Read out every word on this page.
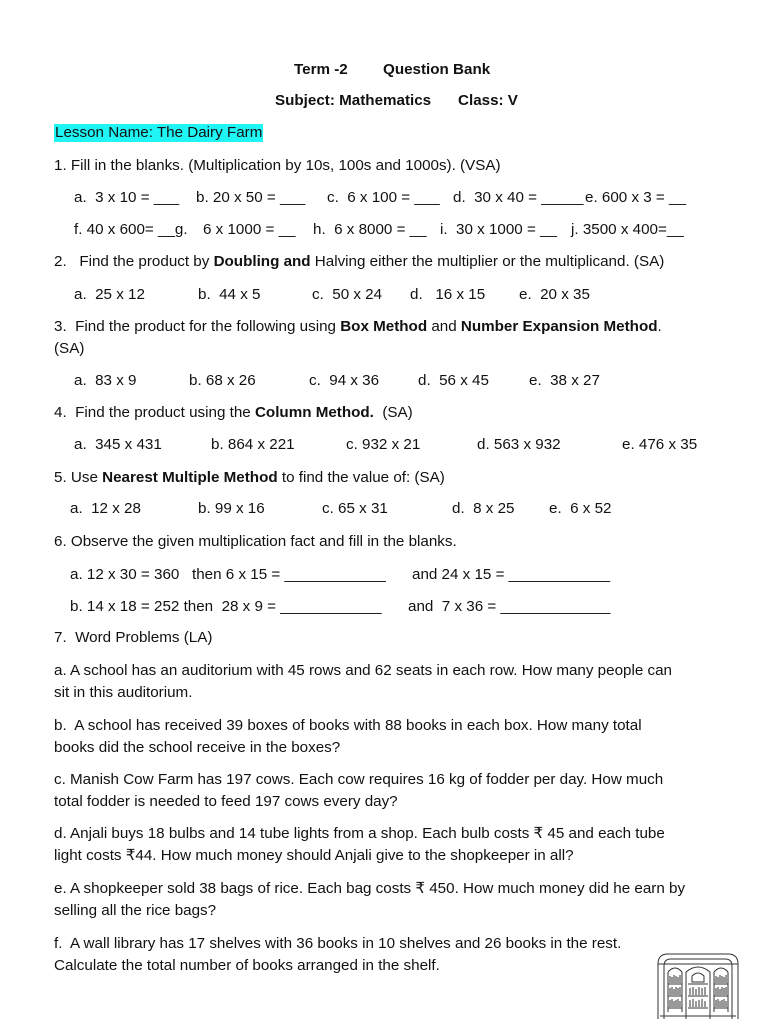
Term -2 Question Bank
Subject: Mathematics Class: V
Lesson Name: The Dairy Farm
1. Fill in the blanks. (Multiplication by 10s, 100s and 1000s). (VSA)
a.  3 x 10 = ___ b. 20 x 50 = ___ c.  6 x 100 = ___ d.  30 x 40 = _____ e. 600 x 3 = __
f. 40 x 600= __g. 6 x 1000 = __ h.  6 x 8000 = __ i.  30 x 1000 = __ j. 3500 x 400=__
2.   Find the product by Doubling and Halving either the multiplier or the multiplicand. (SA)
a.  25 x 12	b.  44 x 5	c.  50 x 24 d.   16 x 15 e.  20 x 35
3.  Find the product for the following using Box Method and Number Expansion Method.
(SA)
a.  83 x 9	b. 68 x 26	c.  94 x 36	d.  56 x 45	e.  38 x 27
4.  Find the product using the Column Method.  (SA)
a.  345 x 431	b. 864 x 221	c. 932 x 21	d. 563 x 932	e. 476 x 35
5. Use Nearest Multiple Method to find the value of: (SA)
a.  12 x 28	b. 99 x 16	c. 65 x 31	d.  8 x 25 e.  6 x 52
6. Observe the given multiplication fact and fill in the blanks.
a. 12 x 30 = 360   then 6 x 15 = ____________ and 24 x 15 = ____________
b. 14 x 18 = 252 then  28 x 9 = ____________ and  7 x 36 = _____________
7.  Word Problems (LA)
a. A school has an auditorium with 45 rows and 62 seats in each row. How many people can
sit in this auditorium.
b.  A school has received 39 boxes of books with 88 books in each box. How many total
books did the school receive in the boxes?
c. Manish Cow Farm has 197 cows. Each cow requires 16 kg of fodder per day. How much
total fodder is needed to feed 197 cows every day?
d. Anjali buys 18 bulbs and 14 tube lights from a shop. Each bulb costs ₹ 45 and each tube
light costs ₹44. How much money should Anjali give to the shopkeeper in all?
e. A shopkeeper sold 38 bags of rice. Each bag costs ₹ 450. How much money did he earn by
selling all the rice bags?
f.  A wall library has 17 shelves with 36 books in 10 shelves and 26 books in the rest.
Calculate the total number of books arranged in the shelf.
